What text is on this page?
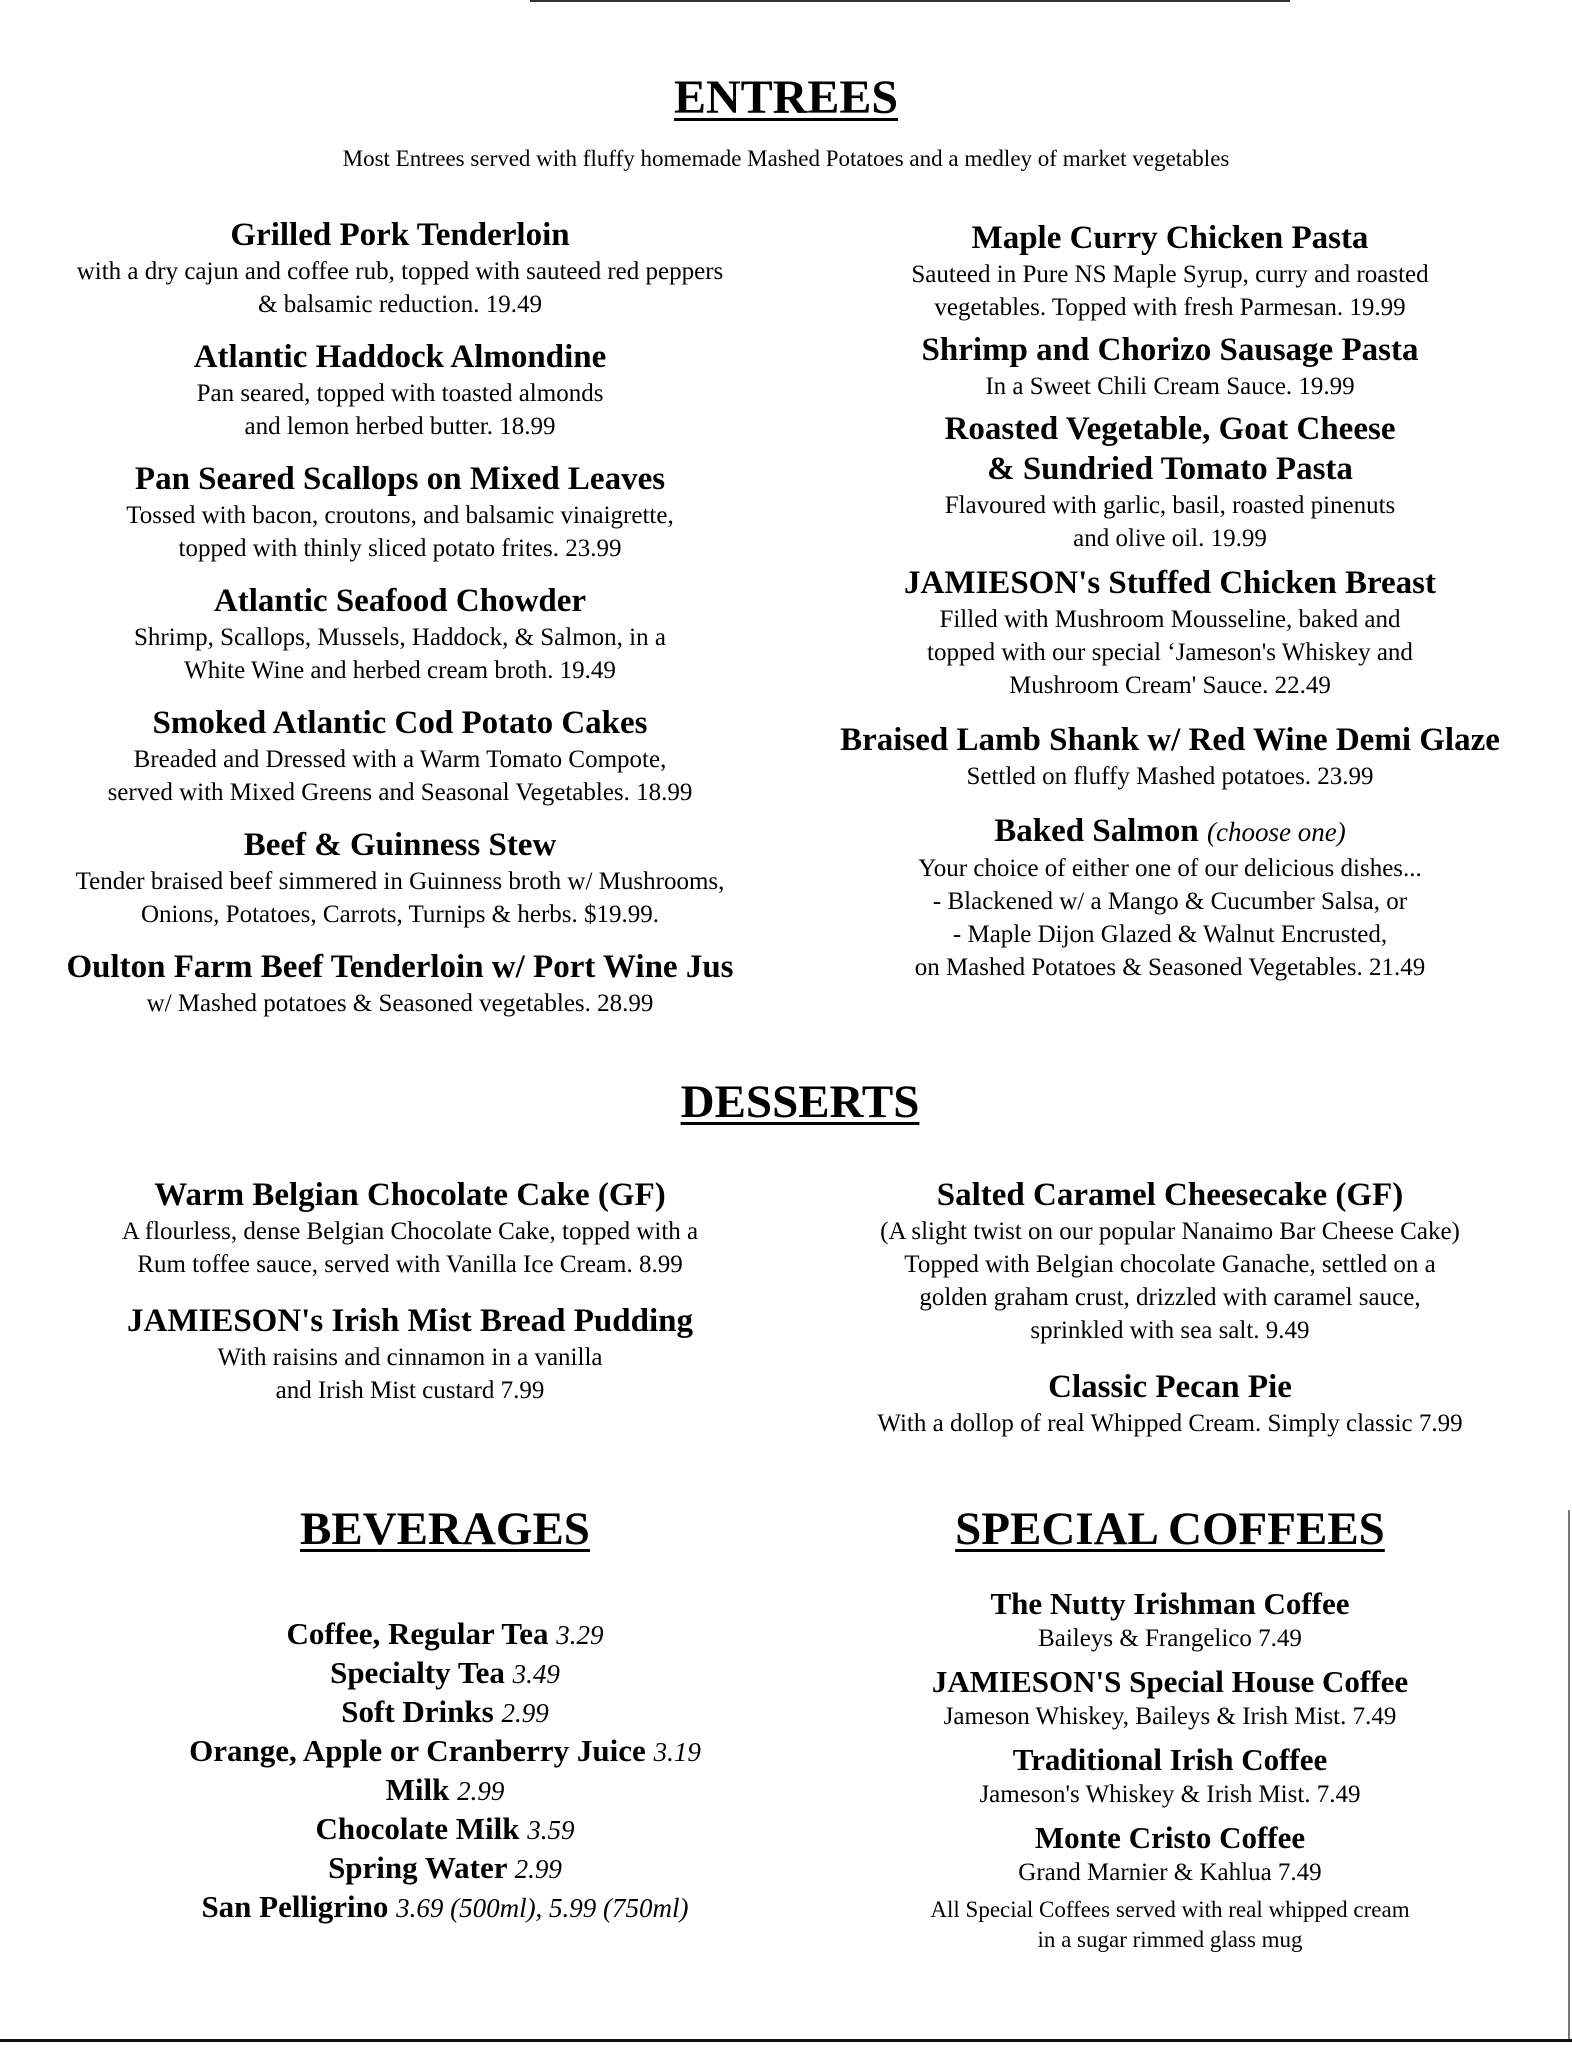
ENTREES

Most Entrees served with fluffy homemade Mashed Potatoes and a medley of market vegetables

Grilled Pork Tenderloin
with a dry cajun and coffee rub, topped with sauteed red peppers
& balsamic reduction. 19.49
Atlantic Haddock Almondine
Pan seared, topped with toasted almonds
and lemon herbed butter. 18.99
Pan Seared Scallops on Mixed Leaves
Tossed with bacon, croutons, and balsamic vinaigrette,
topped with thinly sliced potato frites. 23.99
Atlantic Seafood Chowder
Shrimp, Scallops, Mussels, Haddock, & Salmon, in a
White Wine and herbed cream broth. 19.49
Smoked Atlantic Cod Potato Cakes
Breaded and Dressed with a Warm Tomato Compote,
served with Mixed Greens and Seasonal Vegetables. 18.99
Beef & Guinness Stew
Tender braised beef simmered in Guinness broth w/ Mushrooms,
Onions, Potatoes, Carrots, Turnips & herbs. $19.99.
Oulton Farm Beef Tenderloin w/ Port Wine Jus
w/ Mashed potatoes & Seasoned vegetables. 28.99
Maple Curry Chicken Pasta
Sauteed in Pure NS Maple Syrup, curry and roasted
vegetables. Topped with fresh Parmesan. 19.99
Shrimp and Chorizo Sausage Pasta
In a Sweet Chili Cream Sauce. 19.99
Roasted Vegetable, Goat Cheese
& Sundried Tomato Pasta
Flavoured with garlic, basil, roasted pinenuts
and olive oil. 19.99
JAMIESON's Stuffed Chicken Breast
Filled with Mushroom Mousseline, baked and
topped with our special ‘Jameson's Whiskey and
Mushroom Cream' Sauce. 22.49
Braised Lamb Shank w/ Red Wine Demi Glaze
Settled on fluffy Mashed potatoes. 23.99
Baked Salmon (choose one)
Your choice of either one of our delicious dishes...
- Blackened w/ a Mango & Cucumber Salsa, or
- Maple Dijon Glazed & Walnut Encrusted,
on Mashed Potatoes & Seasoned Vegetables. 21.49
DESSERTS
Warm Belgian Chocolate Cake (GF)
A flourless, dense Belgian Chocolate Cake, topped with a
Rum toffee sauce, served with Vanilla Ice Cream. 8.99
JAMIESON's Irish Mist Bread Pudding
With raisins and cinnamon in a vanilla
and Irish Mist custard 7.99
Salted Caramel Cheesecake (GF)
(A slight twist on our popular Nanaimo Bar Cheese Cake)
Topped with Belgian chocolate Ganache, settled on a
golden graham crust, drizzled with caramel sauce,
sprinkled with sea salt. 9.49
Classic Pecan Pie
With a dollop of real Whipped Cream. Simply classic 7.99
BEVERAGES
Coffee, Regular Tea 3.29
Specialty Tea 3.49
Soft Drinks 2.99
Orange, Apple or Cranberry Juice 3.19
Milk 2.99
Chocolate Milk 3.59
Spring Water 2.99
San Pelligrino 3.69 (500ml), 5.99 (750ml)
SPECIAL COFFEES
The Nutty Irishman Coffee
Baileys & Frangelico 7.49
JAMIESON'S Special House Coffee
Jameson Whiskey, Baileys & Irish Mist. 7.49
Traditional Irish Coffee
Jameson's Whiskey & Irish Mist. 7.49
Monte Cristo Coffee
Grand Marnier & Kahlua 7.49
All Special Coffees served with real whipped cream
in a sugar rimmed glass mug
